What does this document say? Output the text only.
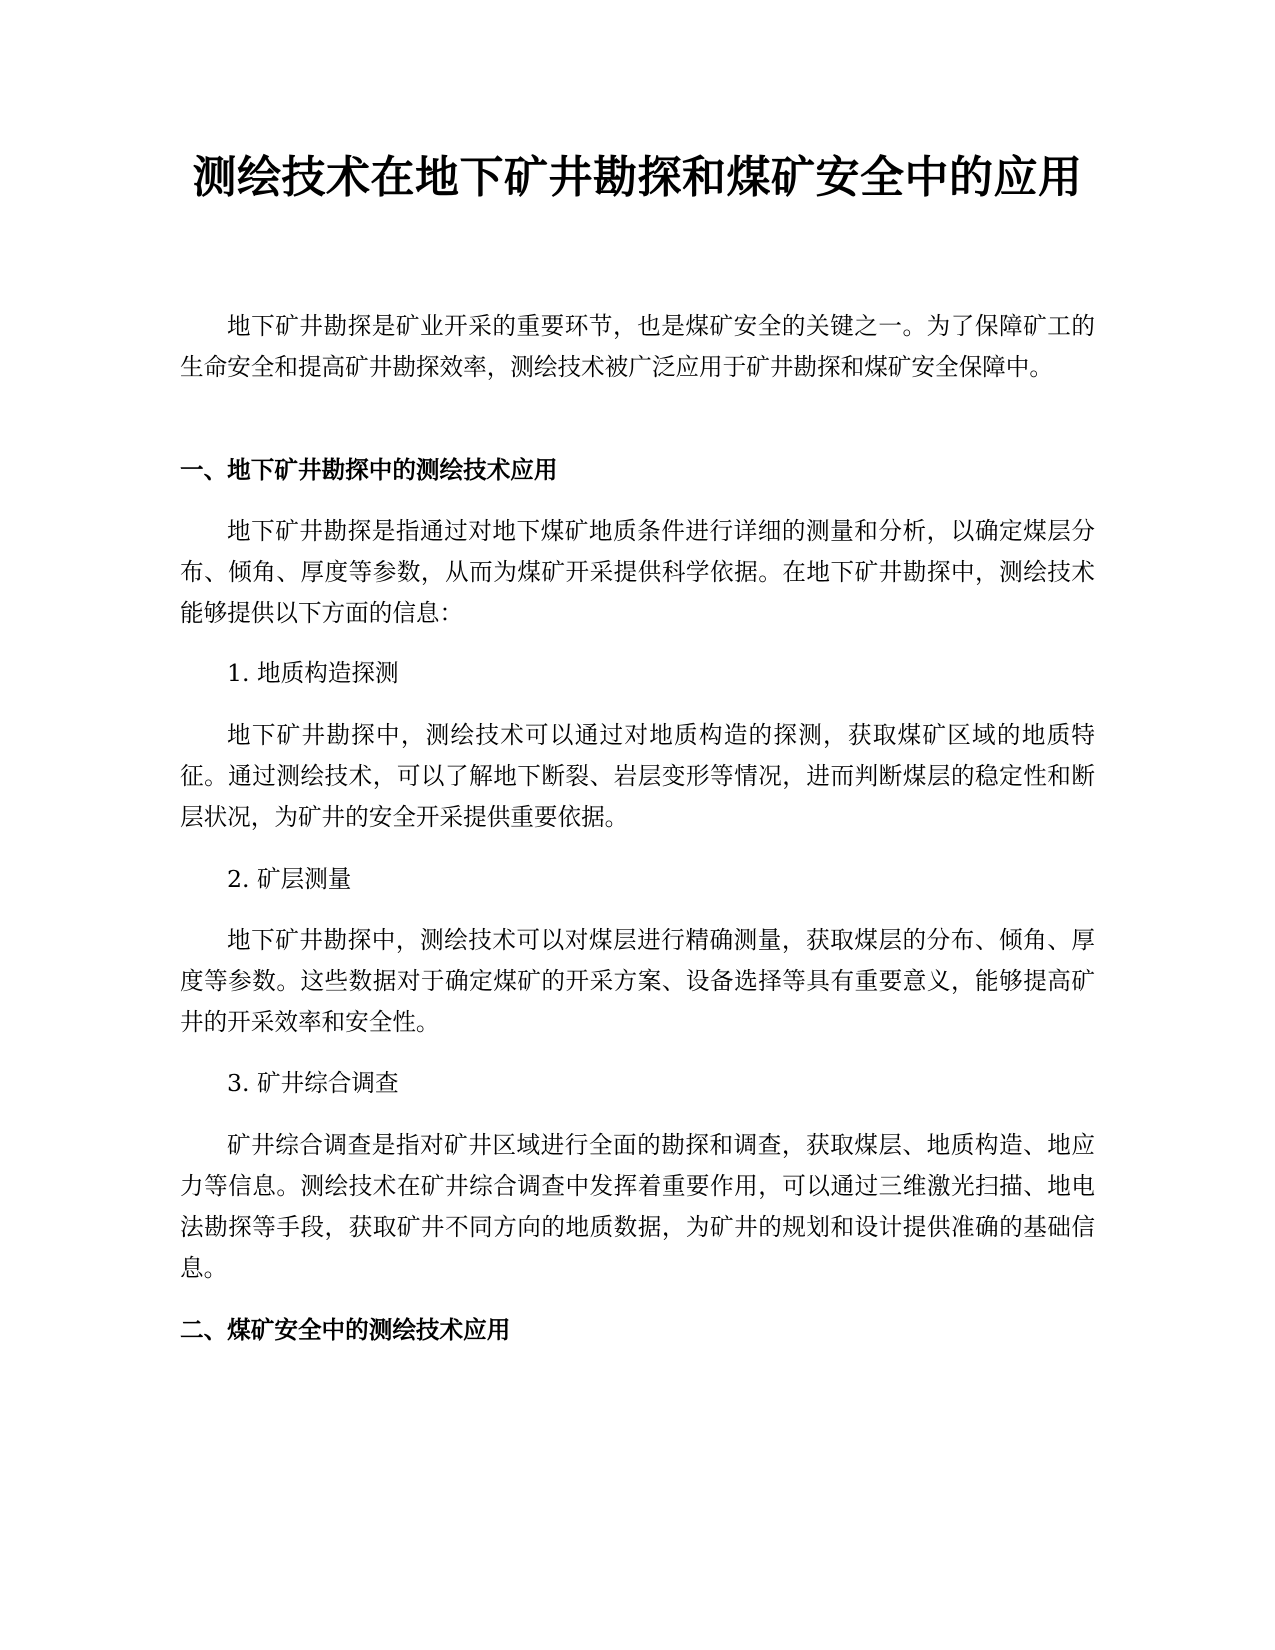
测绘技术在地下矿井勘探和煤矿安全中的应用

地下矿井勘探是矿业开采的重要环节，也是煤矿安全的关键之一。为了保障矿工的生命安全和提高矿井勘探效率，测绘技术被广泛应用于矿井勘探和煤矿安全保障中。

一、地下矿井勘探中的测绘技术应用

地下矿井勘探是指通过对地下煤矿地质条件进行详细的测量和分析，以确定煤层分布、倾角、厚度等参数，从而为煤矿开采提供科学依据。在地下矿井勘探中，测绘技术能够提供以下方面的信息：

1. 地质构造探测

地下矿井勘探中，测绘技术可以通过对地质构造的探测，获取煤矿区域的地质特征。通过测绘技术，可以了解地下断裂、岩层变形等情况，进而判断煤层的稳定性和断层状况，为矿井的安全开采提供重要依据。

2. 矿层测量

地下矿井勘探中，测绘技术可以对煤层进行精确测量，获取煤层的分布、倾角、厚度等参数。这些数据对于确定煤矿的开采方案、设备选择等具有重要意义，能够提高矿井的开采效率和安全性。

3. 矿井综合调查

矿井综合调查是指对矿井区域进行全面的勘探和调查，获取煤层、地质构造、地应力等信息。测绘技术在矿井综合调查中发挥着重要作用，可以通过三维激光扫描、地电法勘探等手段，获取矿井不同方向的地质数据，为矿井的规划和设计提供准确的基础信息。

二、煤矿安全中的测绘技术应用
